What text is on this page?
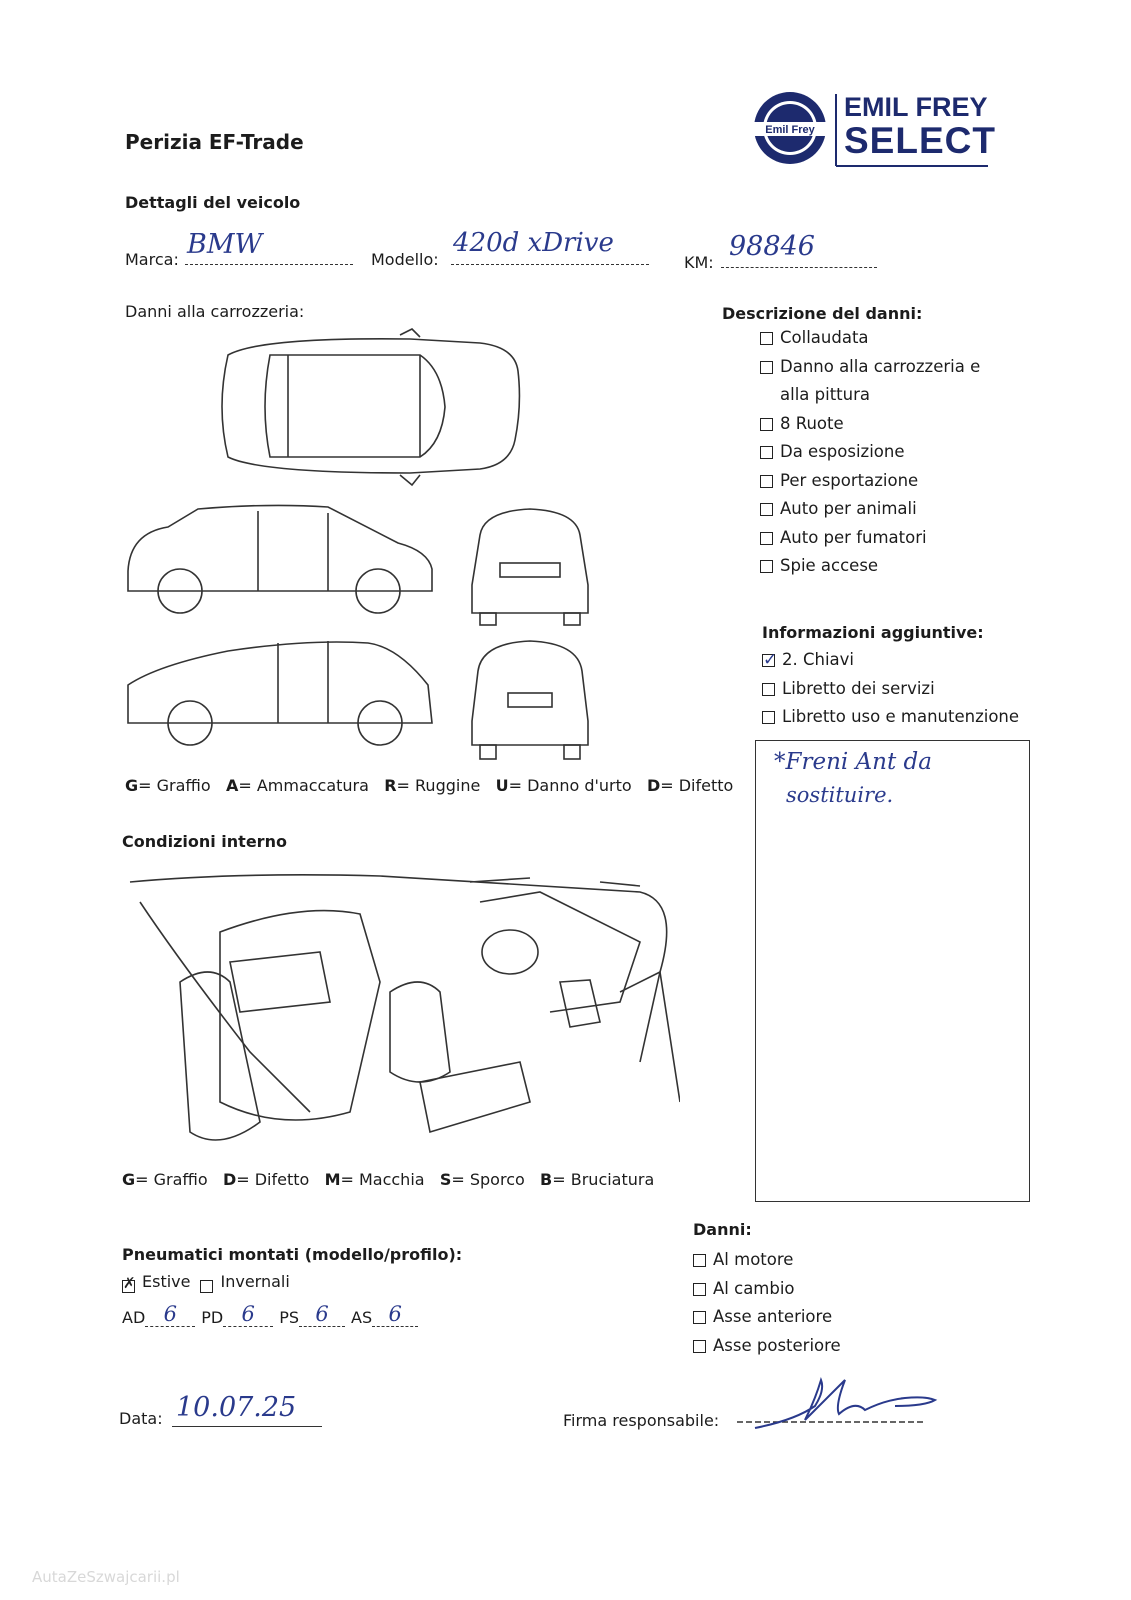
Perizia EF-Trade	Emil Frey
EMIL FREY
SELECT
Dettagli del veicolo
Marca: BMW	Modello:
420d xDrive
KM:
98846
Danni alla carrozzeria:
G= Graffio A= Ammaccatura R= Ruggine U= Danno d'urto D= Difetto
Descrizione del danni:
Collaudata
Danno alla carrozzeria e alla pittura
8 Ruote
Da esposizione
Per esportazione
Auto per animali
Auto per fumatori
Spie accese
Informazioni aggiuntive:
✓
2. Chiavi
Libretto dei servizi
Libretto uso e manutenzione
*Freni Ant da
sostituire.
Condizioni interno
G= Graffio D= Difetto M= Macchia S= Sporco B= Bruciatura
Pneumatici montati (modello/profilo):
✗
Estive Invernali
AD 6	PD 6	PS 6	AS 6
Danni:
Al motore
Al cambio
Asse anteriore
Asse posteriore
Data: 10.07.25	Firma responsabile:
AutaZeSzwajcarii.pl
